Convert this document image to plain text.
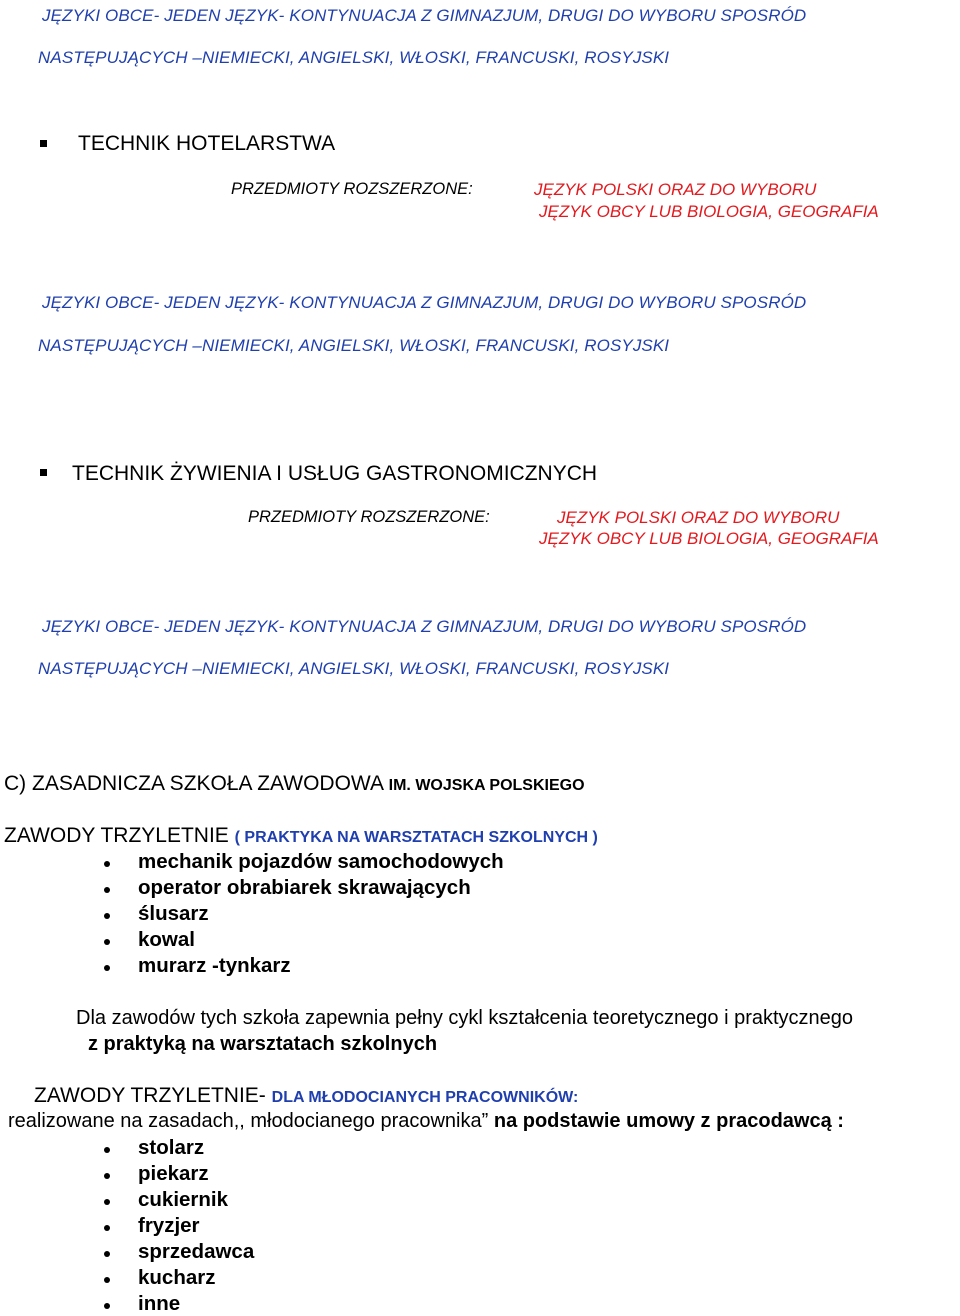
JĘZYKI OBCE- JEDEN JĘZYK- KONTYNUACJA Z GIMNAZJUM, DRUGI DO WYBORU SPOSRÓD
NASTĘPUJĄCYCH –NIEMIECKI, ANGIELSKI, WŁOSKI, FRANCUSKI, ROSYJSKI
TECHNIK HOTELARSTWA
PRZEDMIOTY ROZSZERZONE:	JĘZYK POLSKI ORAZ DO WYBORU
JĘZYK OBCY LUB BIOLOGIA, GEOGRAFIA
JĘZYKI OBCE- JEDEN JĘZYK- KONTYNUACJA Z GIMNAZJUM, DRUGI DO WYBORU SPOSRÓD
NASTĘPUJĄCYCH –NIEMIECKI, ANGIELSKI, WŁOSKI, FRANCUSKI, ROSYJSKI
TECHNIK ŻYWIENIA I USŁUG GASTRONOMICZNYCH
PRZEDMIOTY ROZSZERZONE:	JĘZYK POLSKI ORAZ DO WYBORU
JĘZYK OBCY LUB BIOLOGIA, GEOGRAFIA
JĘZYKI OBCE- JEDEN JĘZYK- KONTYNUACJA Z GIMNAZJUM, DRUGI DO WYBORU SPOSRÓD
NASTĘPUJĄCYCH –NIEMIECKI, ANGIELSKI, WŁOSKI, FRANCUSKI, ROSYJSKI
C) ZASADNICZA SZKOŁA ZAWODOWA IM. WOJSKA POLSKIEGO
ZAWODY TRZYLETNIE ( PRAKTYKA NA WARSZTATACH SZKOLNYCH )
mechanik pojazdów samochodowych
operator obrabiarek skrawających
ślusarz
kowal
murarz -tynkarz
Dla zawodów tych szkoła zapewnia pełny cykl kształcenia teoretycznego i praktycznego
z praktyką na warsztatach szkolnych
ZAWODY TRZYLETNIE- DLA MŁODOCIANYCH PRACOWNIKÓW:
realizowane na zasadach,, młodocianego pracownika” na podstawie umowy z pracodawcą :
stolarz
piekarz
cukiernik
fryzjer
sprzedawca
kucharz
inne
